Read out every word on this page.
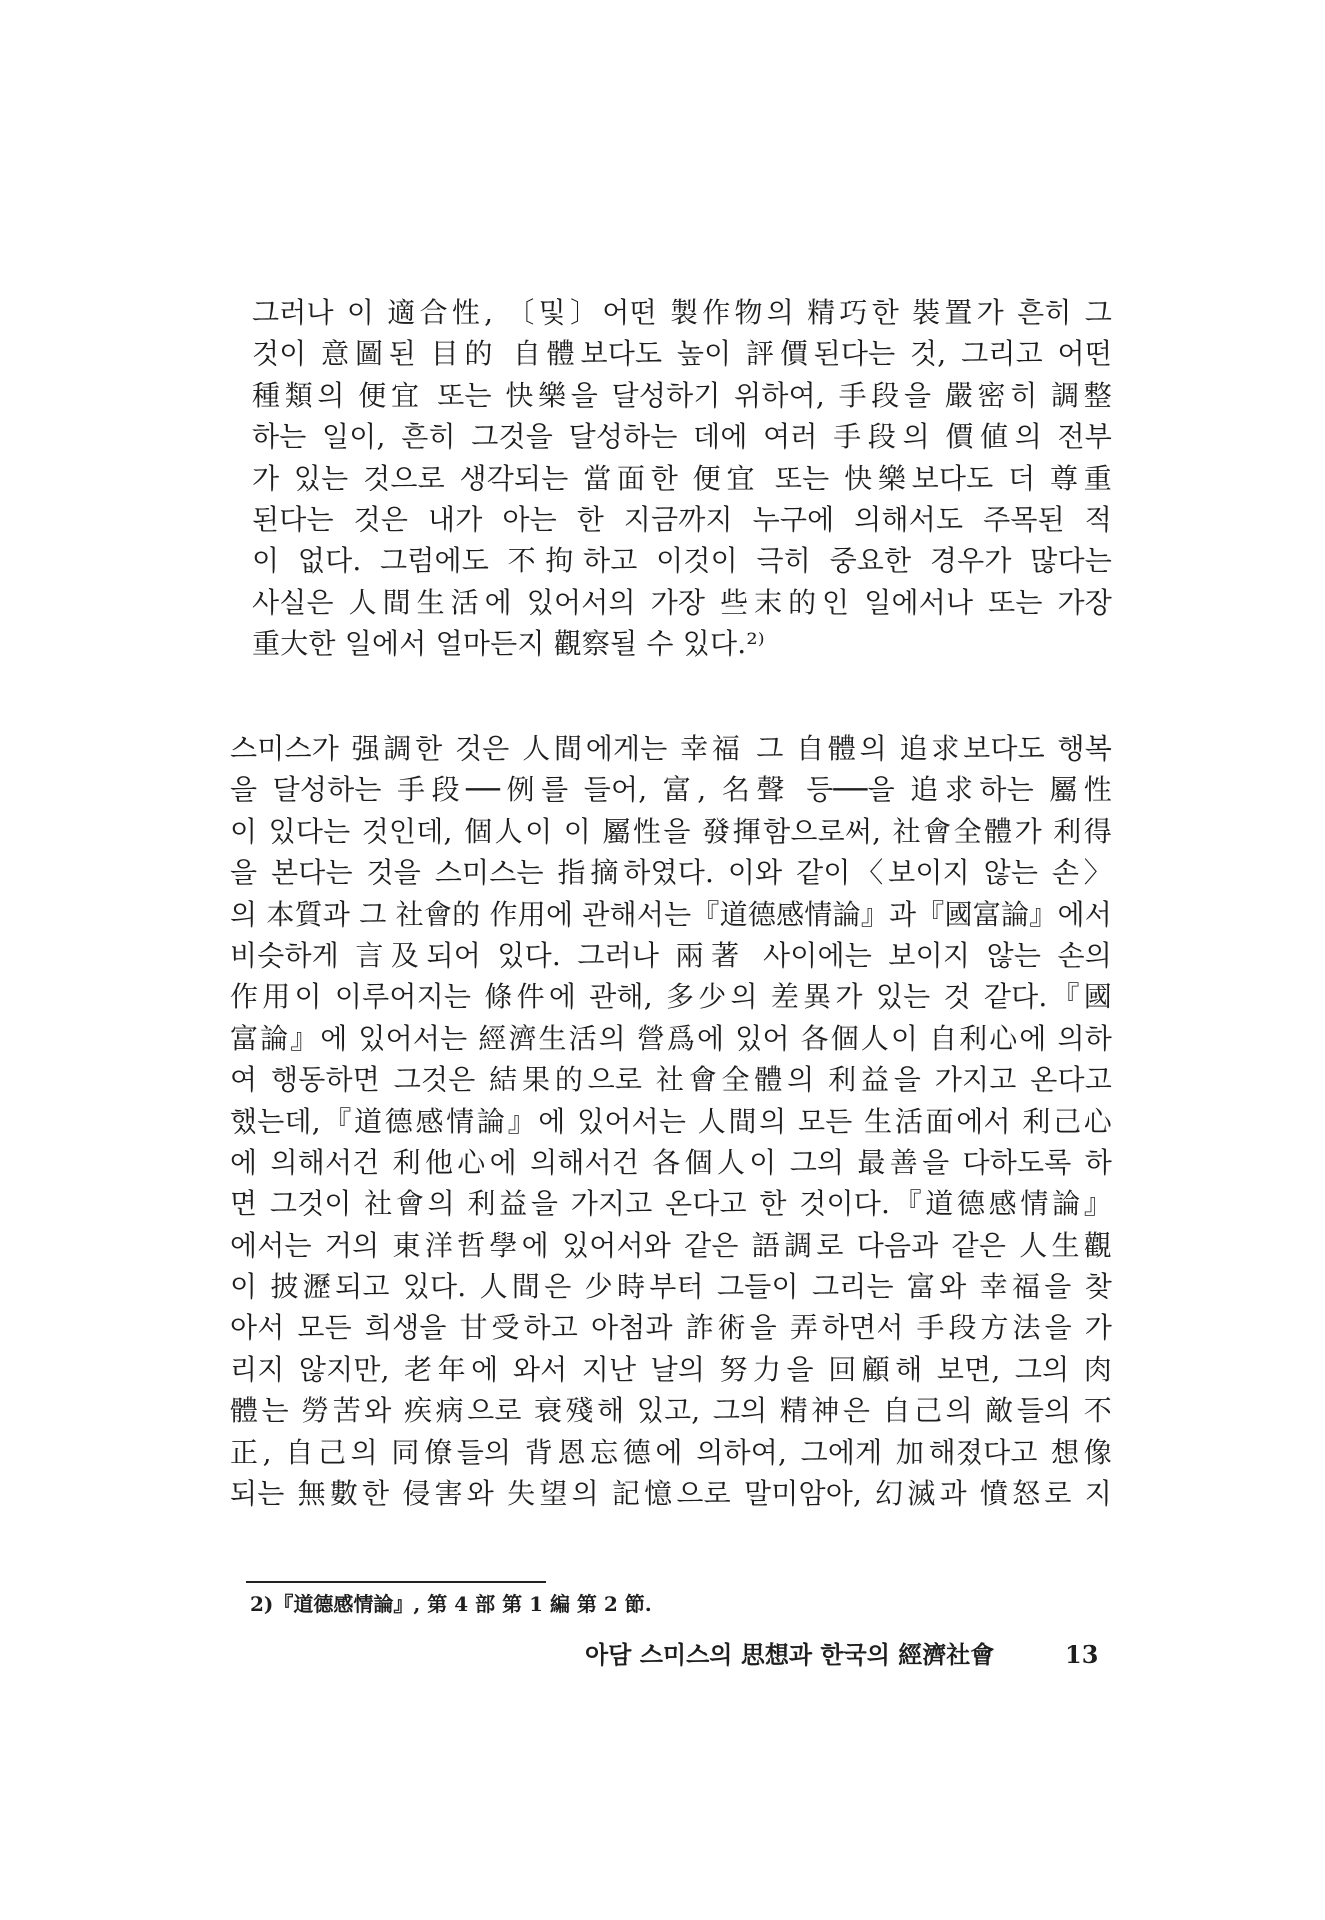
그러나 이 適合性, 〔및〕어떤 製作物의 精巧한 裝置가 흔히 그
것이 意圖된 目的 自體보다도 높이 評價된다는 것, 그리고 어떤
種類의 便宜 또는 快樂을 달성하기 위하여, 手段을 嚴密히 調整
하는 일이, 흔히 그것을 달성하는 데에 여러 手段의 價値의 전부
가 있는 것으로 생각되는 當面한 便宜 또는 快樂보다도 더 尊重
된다는 것은 내가 아는 한 지금까지 누구에 의해서도 주목된 적
이 없다. 그럼에도 不拘하고 이것이 극히 중요한 경우가 많다는
사실은 人間生活에 있어서의 가장 些末的인 일에서나 또는 가장
重大한 일에서 얼마든지 觀察될 수 있다.²⁾
스미스가 强調한 것은 人間에게는 幸福 그 自體의 追求보다도 행복
을 달성하는 手段──例를 들어, 富, 名聲 등──을 追求하는 屬性
이 있다는 것인데, 個人이 이 屬性을 發揮함으로써, 社會全體가 利得
을 본다는 것을 스미스는 指摘하였다. 이와 같이〈보이지 않는 손〉
의 本質과 그 社會的 作用에 관해서는『道德感情論』과『國富論』에서
비슷하게 言及되어 있다. 그러나 兩著 사이에는 보이지 않는 손의
作用이 이루어지는 條件에 관해, 多少의 差異가 있는 것 같다.『國
富論』에 있어서는 經濟生活의 營爲에 있어 各個人이 自利心에 의하
여 행동하면 그것은 結果的으로 社會全體의 利益을 가지고 온다고
했는데,『道德感情論』에 있어서는 人間의 모든 生活面에서 利己心
에 의해서건 利他心에 의해서건 各個人이 그의 最善을 다하도록 하
면 그것이 社會의 利益을 가지고 온다고 한 것이다.『道德感情論』
에서는 거의 東洋哲學에 있어서와 같은 語調로 다음과 같은 人生觀
이 披瀝되고 있다. 人間은 少時부터 그들이 그리는 富와 幸福을 찾
아서 모든 희생을 甘受하고 아첨과 詐術을 弄하면서 手段方法을 가
리지 않지만, 老年에 와서 지난 날의 努力을 回顧해 보면, 그의 肉
體는 勞苦와 疾病으로 衰殘해 있고, 그의 精神은 自己의 敵들의 不
正, 自己의 同僚들의 背恩忘德에 의하여, 그에게 加해졌다고 想像
되는 無數한 侵害와 失望의 記憶으로 말미암아, 幻滅과 憤怒로 지
2)『道德感情論』, 第 4 部 第 1 編 第 2 節.
아담 스미스의 思想과 한국의 經濟社會	13
